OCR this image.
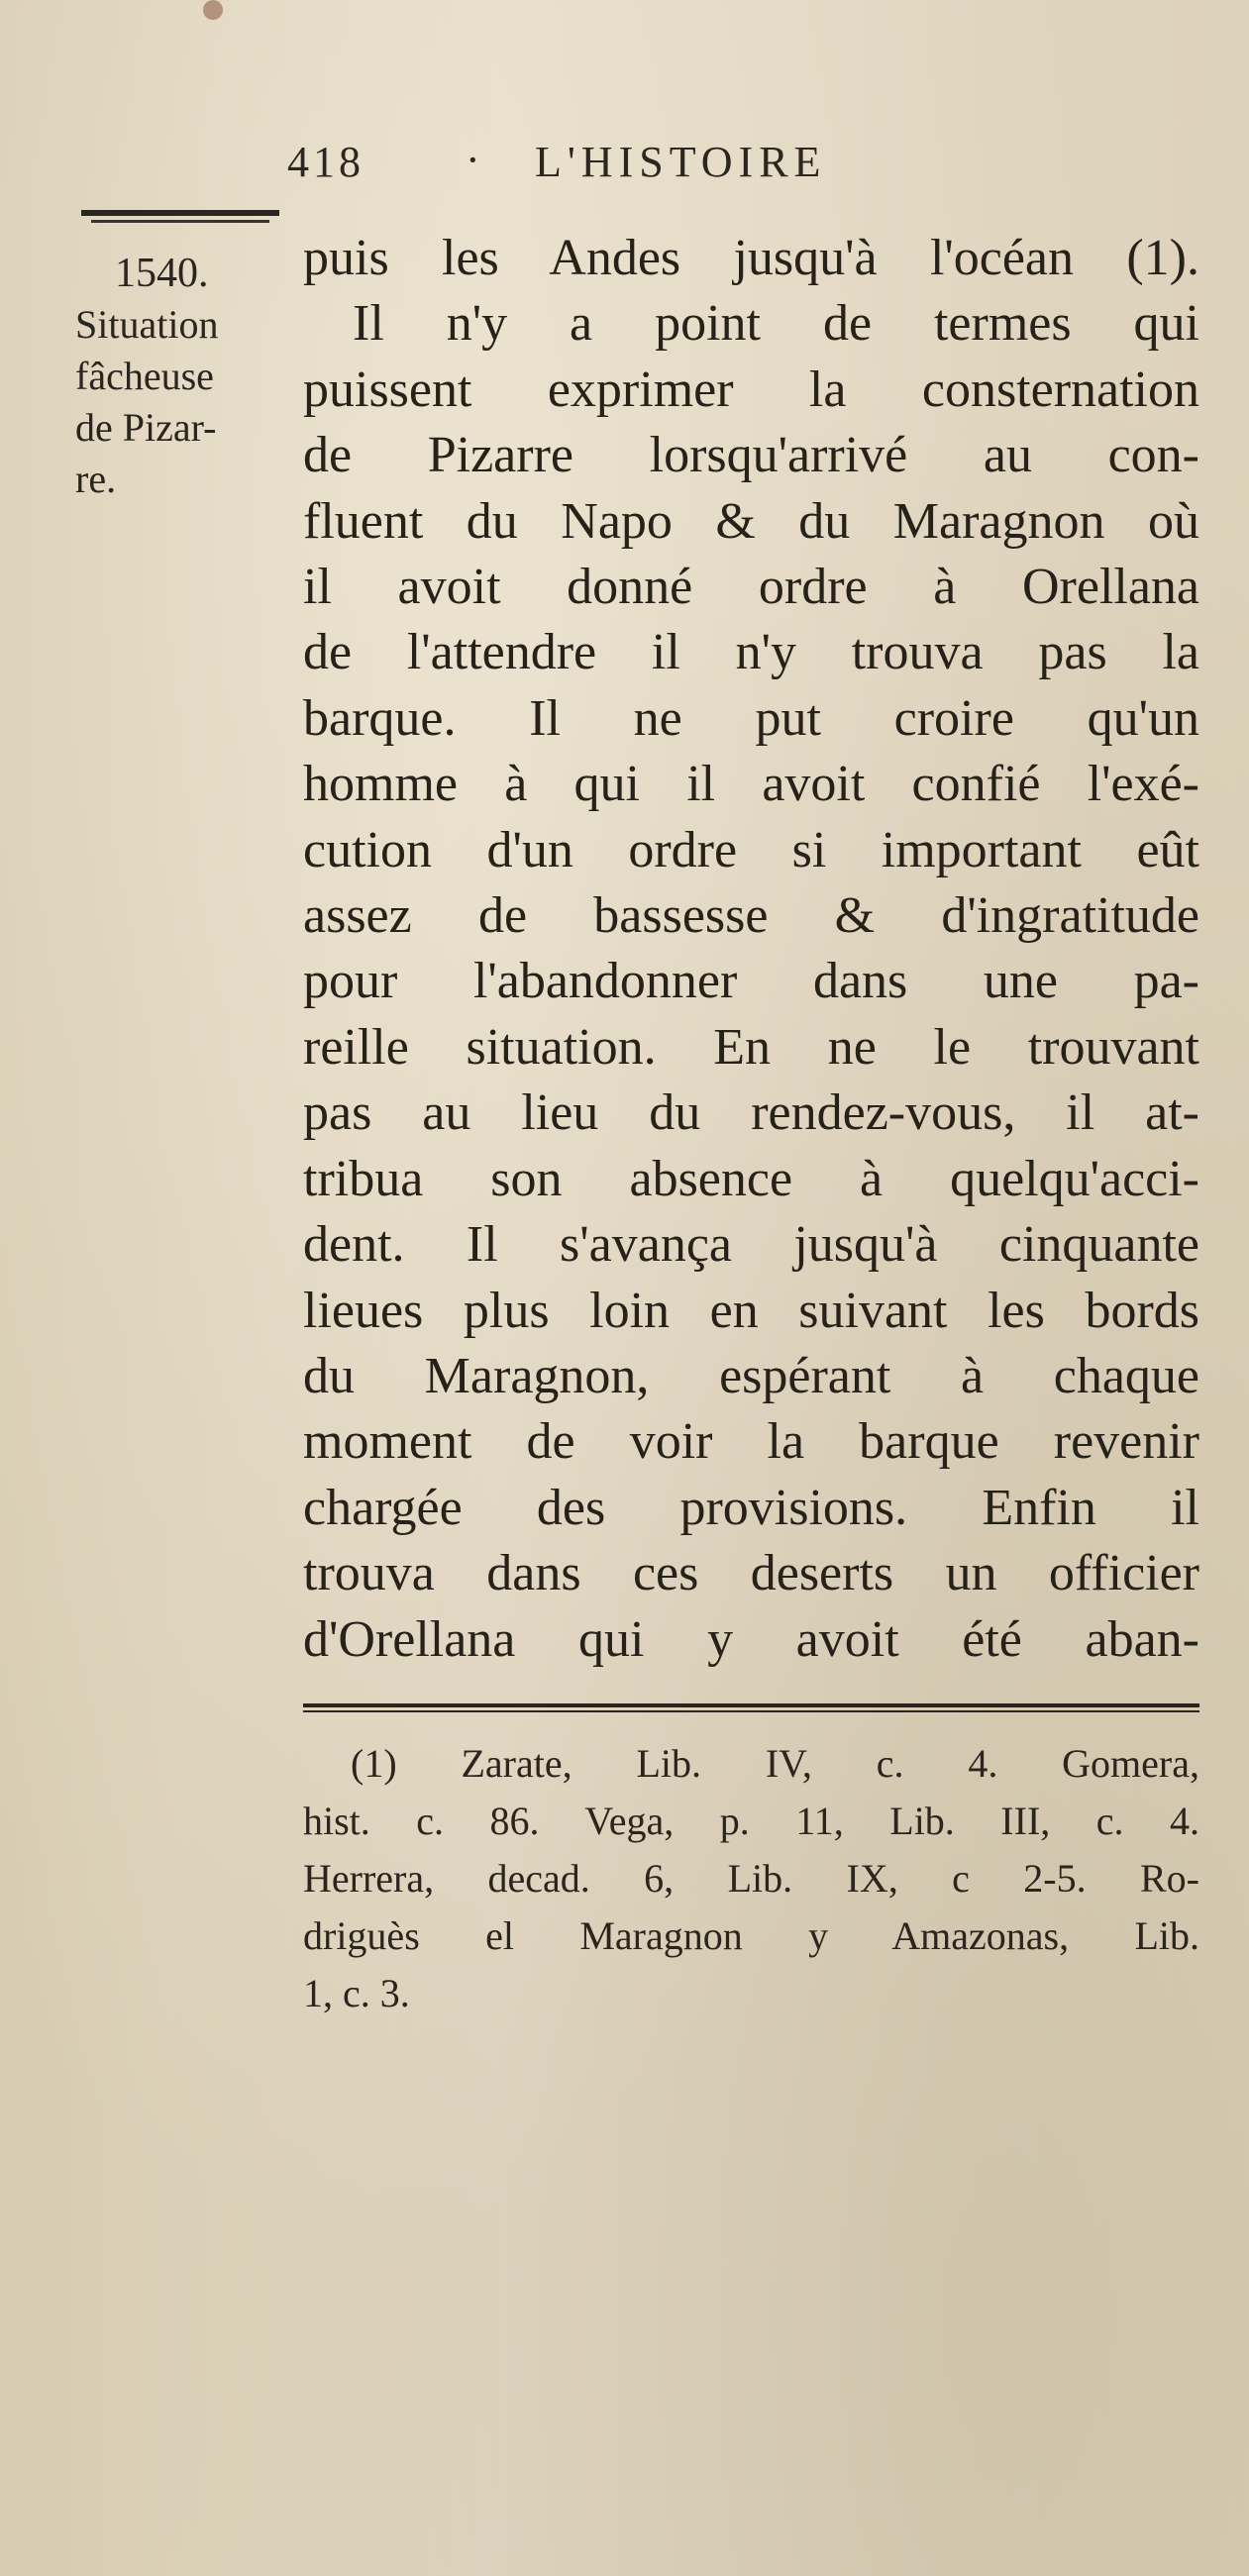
418 · L'HISTOIRE
1540.
Situation
fâcheuse
de Pizar-
re.
puis les Andes jusqu'à l'océan (1).
Il n'y a point de termes qui
puissent exprimer la consternation
de Pizarre lorsqu'arrivé au con-
fluent du Napo & du Maragnon où
il avoit donné ordre à Orellana
de l'attendre il n'y trouva pas la
barque. Il ne put croire qu'un
homme à qui il avoit confié l'exé-
cution d'un ordre si important eût
assez de bassesse & d'ingratitude
pour l'abandonner dans une pa-
reille situation. En ne le trouvant
pas au lieu du rendez-vous, il at-
tribua son absence à quelqu'acci-
dent. Il s'avança jusqu'à cinquante
lieues plus loin en suivant les bords
du Maragnon, espérant à chaque
moment de voir la barque revenir
chargée des provisions. Enfin il
trouva dans ces deserts un officier
d'Orellana qui y avoit été aban-
(1) Zarate, Lib. IV, c. 4. Gomera,
hist. c. 86. Vega, p. 11, Lib. III, c. 4.
Herrera, decad. 6, Lib. IX, c 2-5. Ro-
driguès el Maragnon y Amazonas, Lib.
1, c. 3.
